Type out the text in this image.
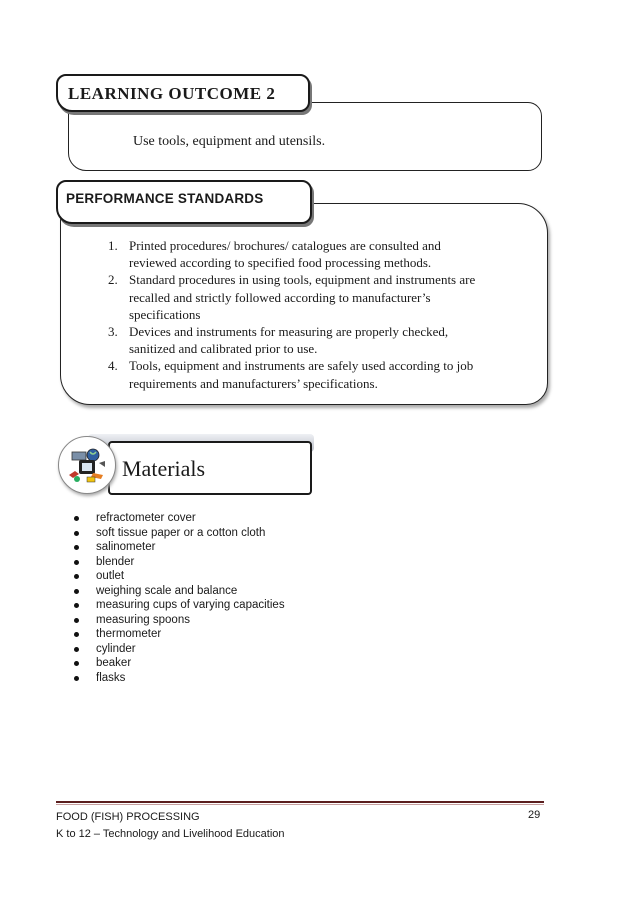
Use tools, equipment and utensils.
LEARNING OUTCOME 2
PERFORMANCE STANDARDS
1. Printed procedures/ brochures/ catalogues are consulted and
reviewed according to specified food processing methods.
2. Standard procedures in using tools, equipment and instruments are
recalled and strictly followed according to manufacturer’s
specifications
3. Devices and instruments for measuring are properly checked,
sanitized and calibrated prior to use.
4. Tools, equipment and instruments are safely used according to job
requirements and manufacturers’ specifications.
Materials
refractometer cover
soft tissue paper or a cotton cloth
salinometer
blender
outlet
weighing scale and balance
measuring cups of varying capacities
measuring spoons
thermometer
cylinder
beaker
flasks
FOOD (FISH) PROCESSING
K to 12 – Technology and Livelihood Education
29
